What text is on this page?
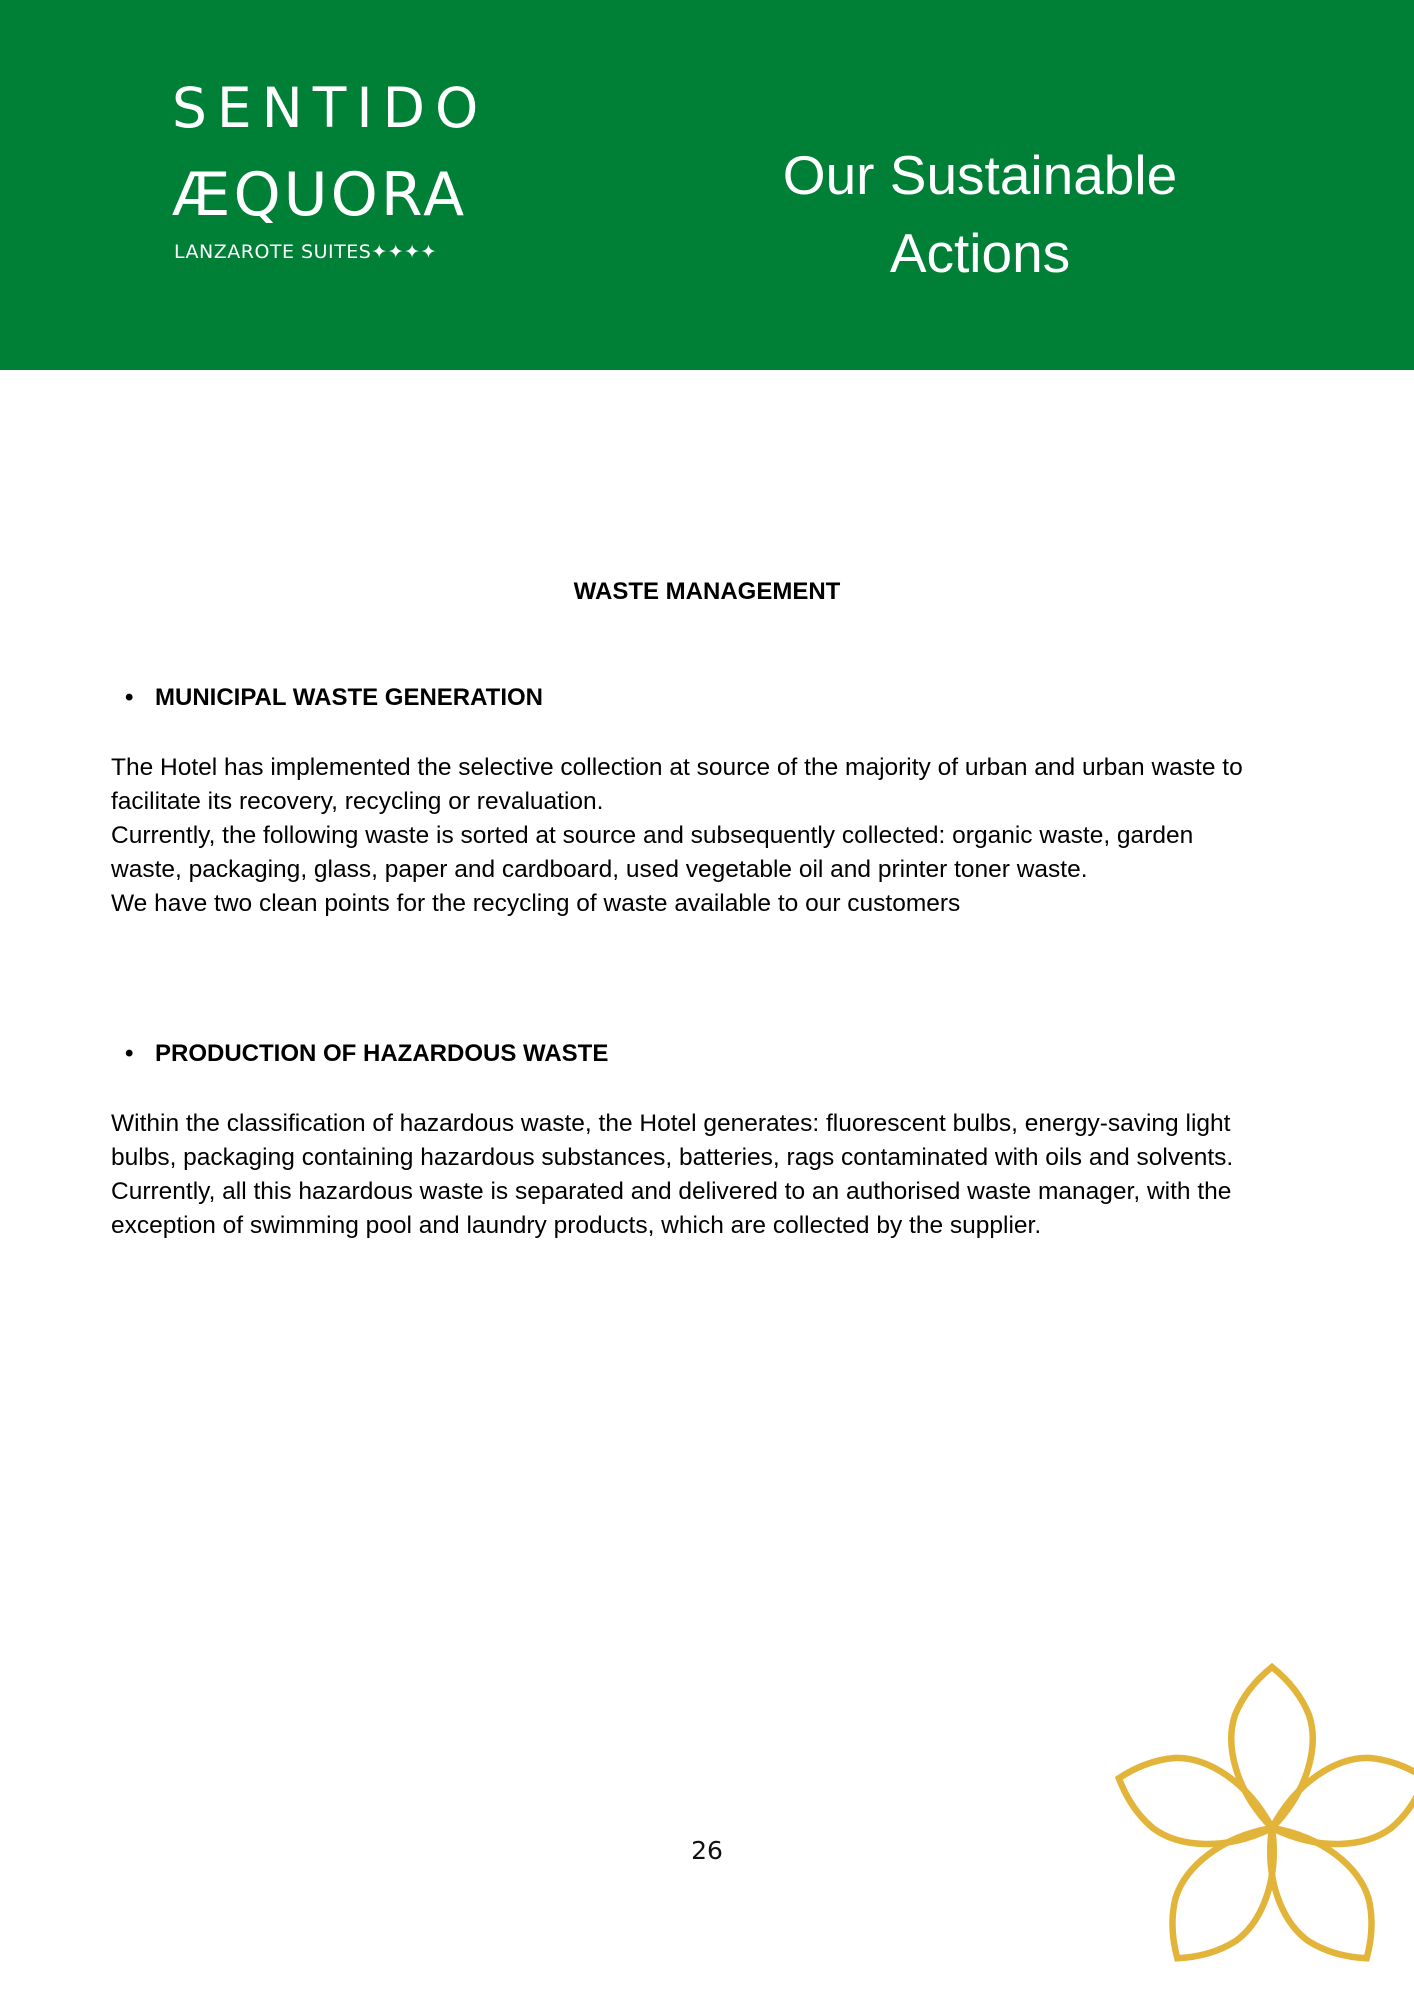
SENTIDO
ÆQUORA
LANZAROTE SUITES✦✦✦✦
Our Sustainable
Actions
WASTE MANAGEMENT
• MUNICIPAL WASTE GENERATION
The Hotel has implemented the selective collection at source of the majority of urban and urban waste to
facilitate its recovery, recycling or revaluation.
Currently, the following waste is sorted at source and subsequently collected: organic waste, garden
waste, packaging, glass, paper and cardboard, used vegetable oil and printer toner waste.
We have two clean points for the recycling of waste available to our customers
• PRODUCTION OF HAZARDOUS WASTE
Within the classification of hazardous waste, the Hotel generates: fluorescent bulbs, energy-saving light
bulbs, packaging containing hazardous substances, batteries, rags contaminated with oils and solvents.
Currently, all this hazardous waste is separated and delivered to an authorised waste manager, with the
exception of swimming pool and laundry products, which are collected by the supplier.
26
